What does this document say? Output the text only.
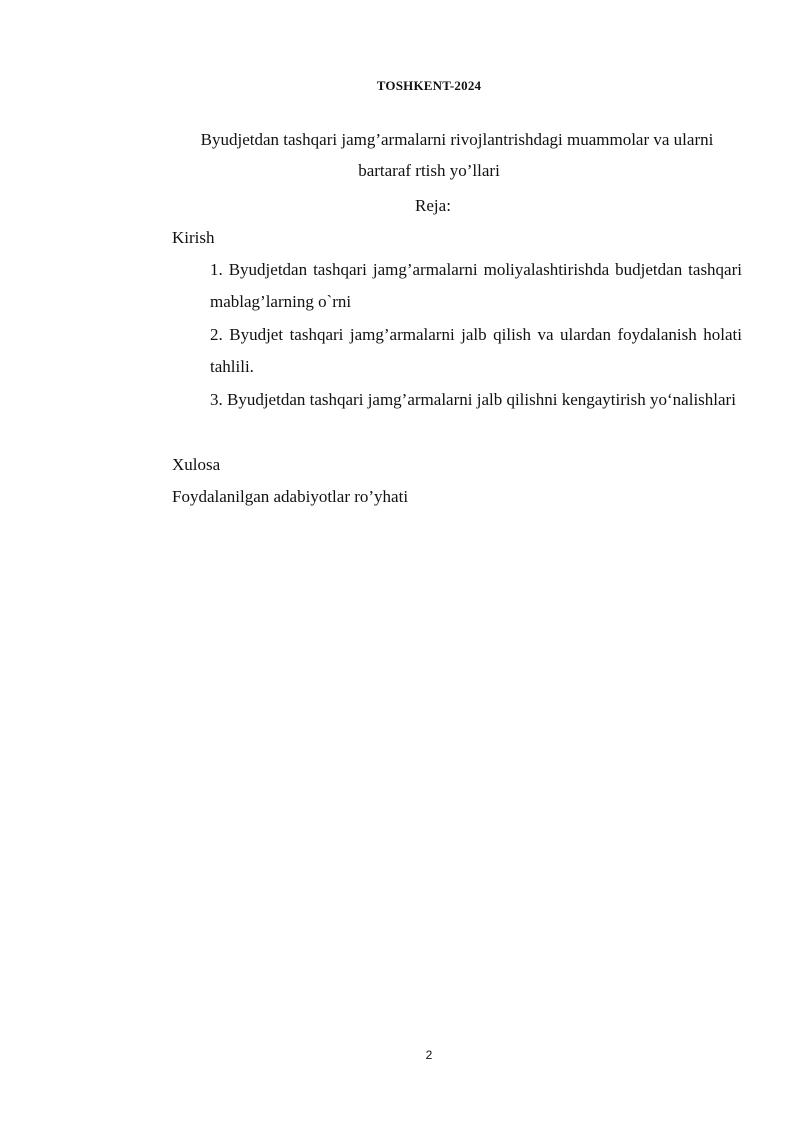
TOSHKENT-2024
Byudjetdan tashqari jamg’armalarni rivojlantrishdagi muammolar va ularni
bartaraf rtish yo’llari
Reja:
Kirish
1. Byudjetdan tashqari jamg’armalarni moliyalashtirishda budjetdan tashqari mablag’larning o`rni
2. Byudjet tashqari jamg’armalarni jalb qilish va ulardan foydalanish holati tahlili.
3. Byudjetdan tashqari jamg’armalarni jalb qilishni kengaytirish yo‘nalishlari
Xulosa
Foydalanilgan adabiyotlar ro’yhati
2
